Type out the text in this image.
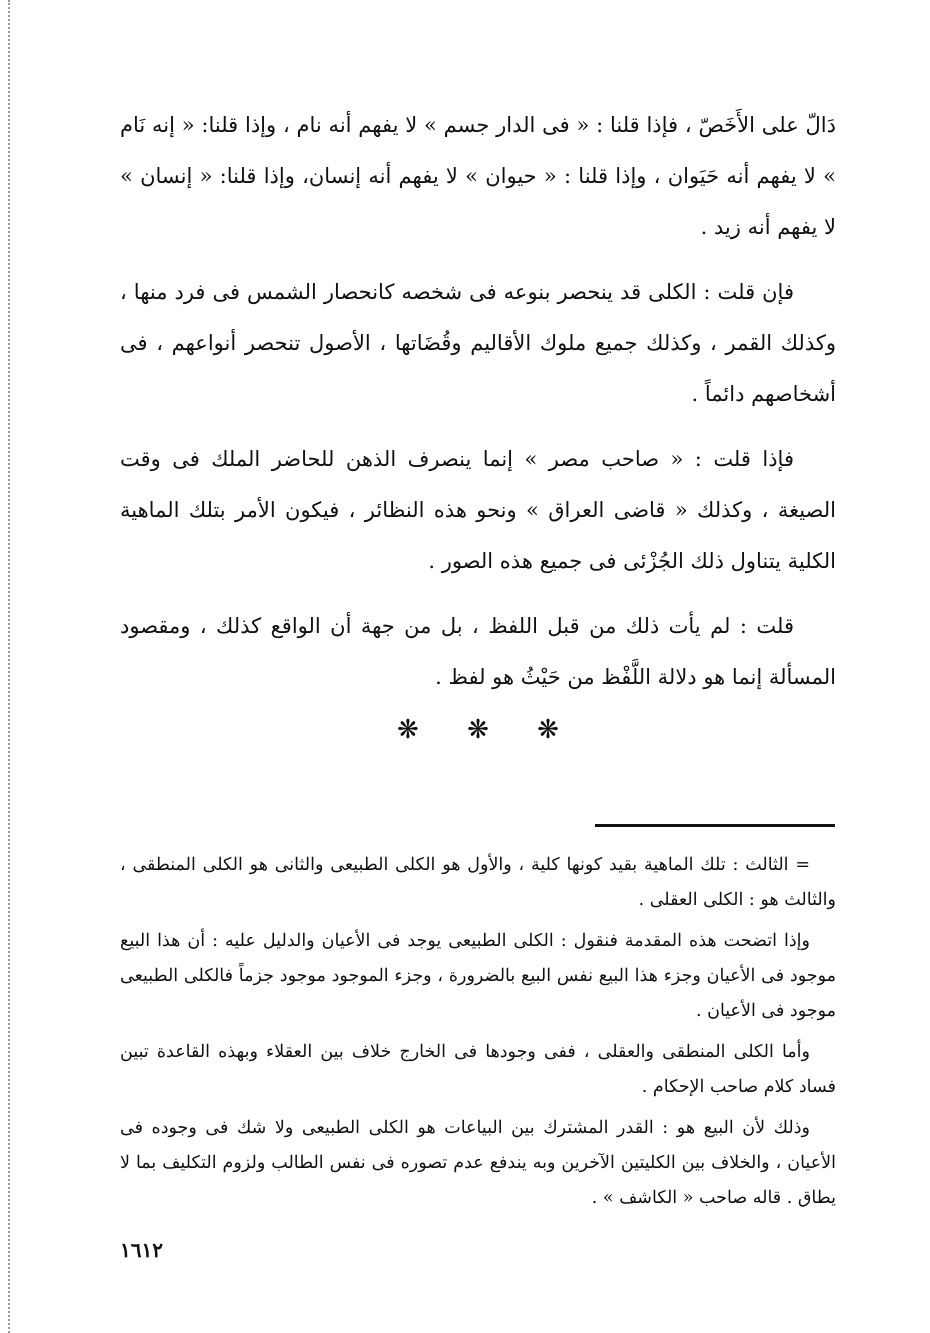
دَالّ على الأَخَصّ ، فإذا قلنا : « فى الدار جسم » لا يفهم أنه نام ، وإذا قلنا: « إنه نَام » لا يفهم أنه حَيَوان ، وإذا قلنا : « حيوان » لا يفهم أنه إنسان، وإذا قلنا: « إنسان » لا يفهم أنه زيد .

فإن قلت : الكلى قد ينحصر بنوعه فى شخصه كانحصار الشمس فى فرد منها ، وكذلك القمر ، وكذلك جميع ملوك الأقاليم وقُضَاتها ، الأصول تنحصر أنواعهم ، فى أشخاصهم دائماً .

فإذا قلت : « صاحب مصر » إنما ينصرف الذهن للحاضر الملك فى وقت الصيغة ، وكذلك « قاضى العراق » ونحو هذه النظائر ، فيكون الأمر بتلك الماهية الكلية يتناول ذلك الجُزْئى فى جميع هذه الصور .

قلت : لم يأت ذلك من قبل اللفظ ، بل من جهة أن الواقع كذلك ، ومقصود المسألة إنما هو دلالة اللَّفْظ من حَيْثُ هو لفظ .

❋ ❋ ❋

= الثالث : تلك الماهية بقيد كونها كلية ، والأول هو الكلى الطبيعى والثانى هو الكلى المنطقى ، والثالث هو : الكلى العقلى .

وإذا اتضحت هذه المقدمة فنقول : الكلى الطبيعى يوجد فى الأعيان والدليل عليه : أن هذا البيع موجود فى الأعيان وجزء هذا البيع نفس البيع بالضرورة ، وجزء الموجود موجود جزماً فالكلى الطبيعى موجود فى الأعيان .

وأما الكلى المنطقى والعقلى ، ففى وجودها فى الخارج خلاف بين العقلاء وبهذه القاعدة تبين فساد كلام صاحب الإحكام .

وذلك لأن البيع هو : القدر المشترك بين البياعات هو الكلى الطبيعى ولا شك فى وجوده فى الأعيان ، والخلاف بين الكليتين الآخرين وبه يندفع عدم تصوره فى نفس الطالب ولزوم التكليف بما لا يطاق . قاله صاحب « الكاشف » .

١٦١٢
